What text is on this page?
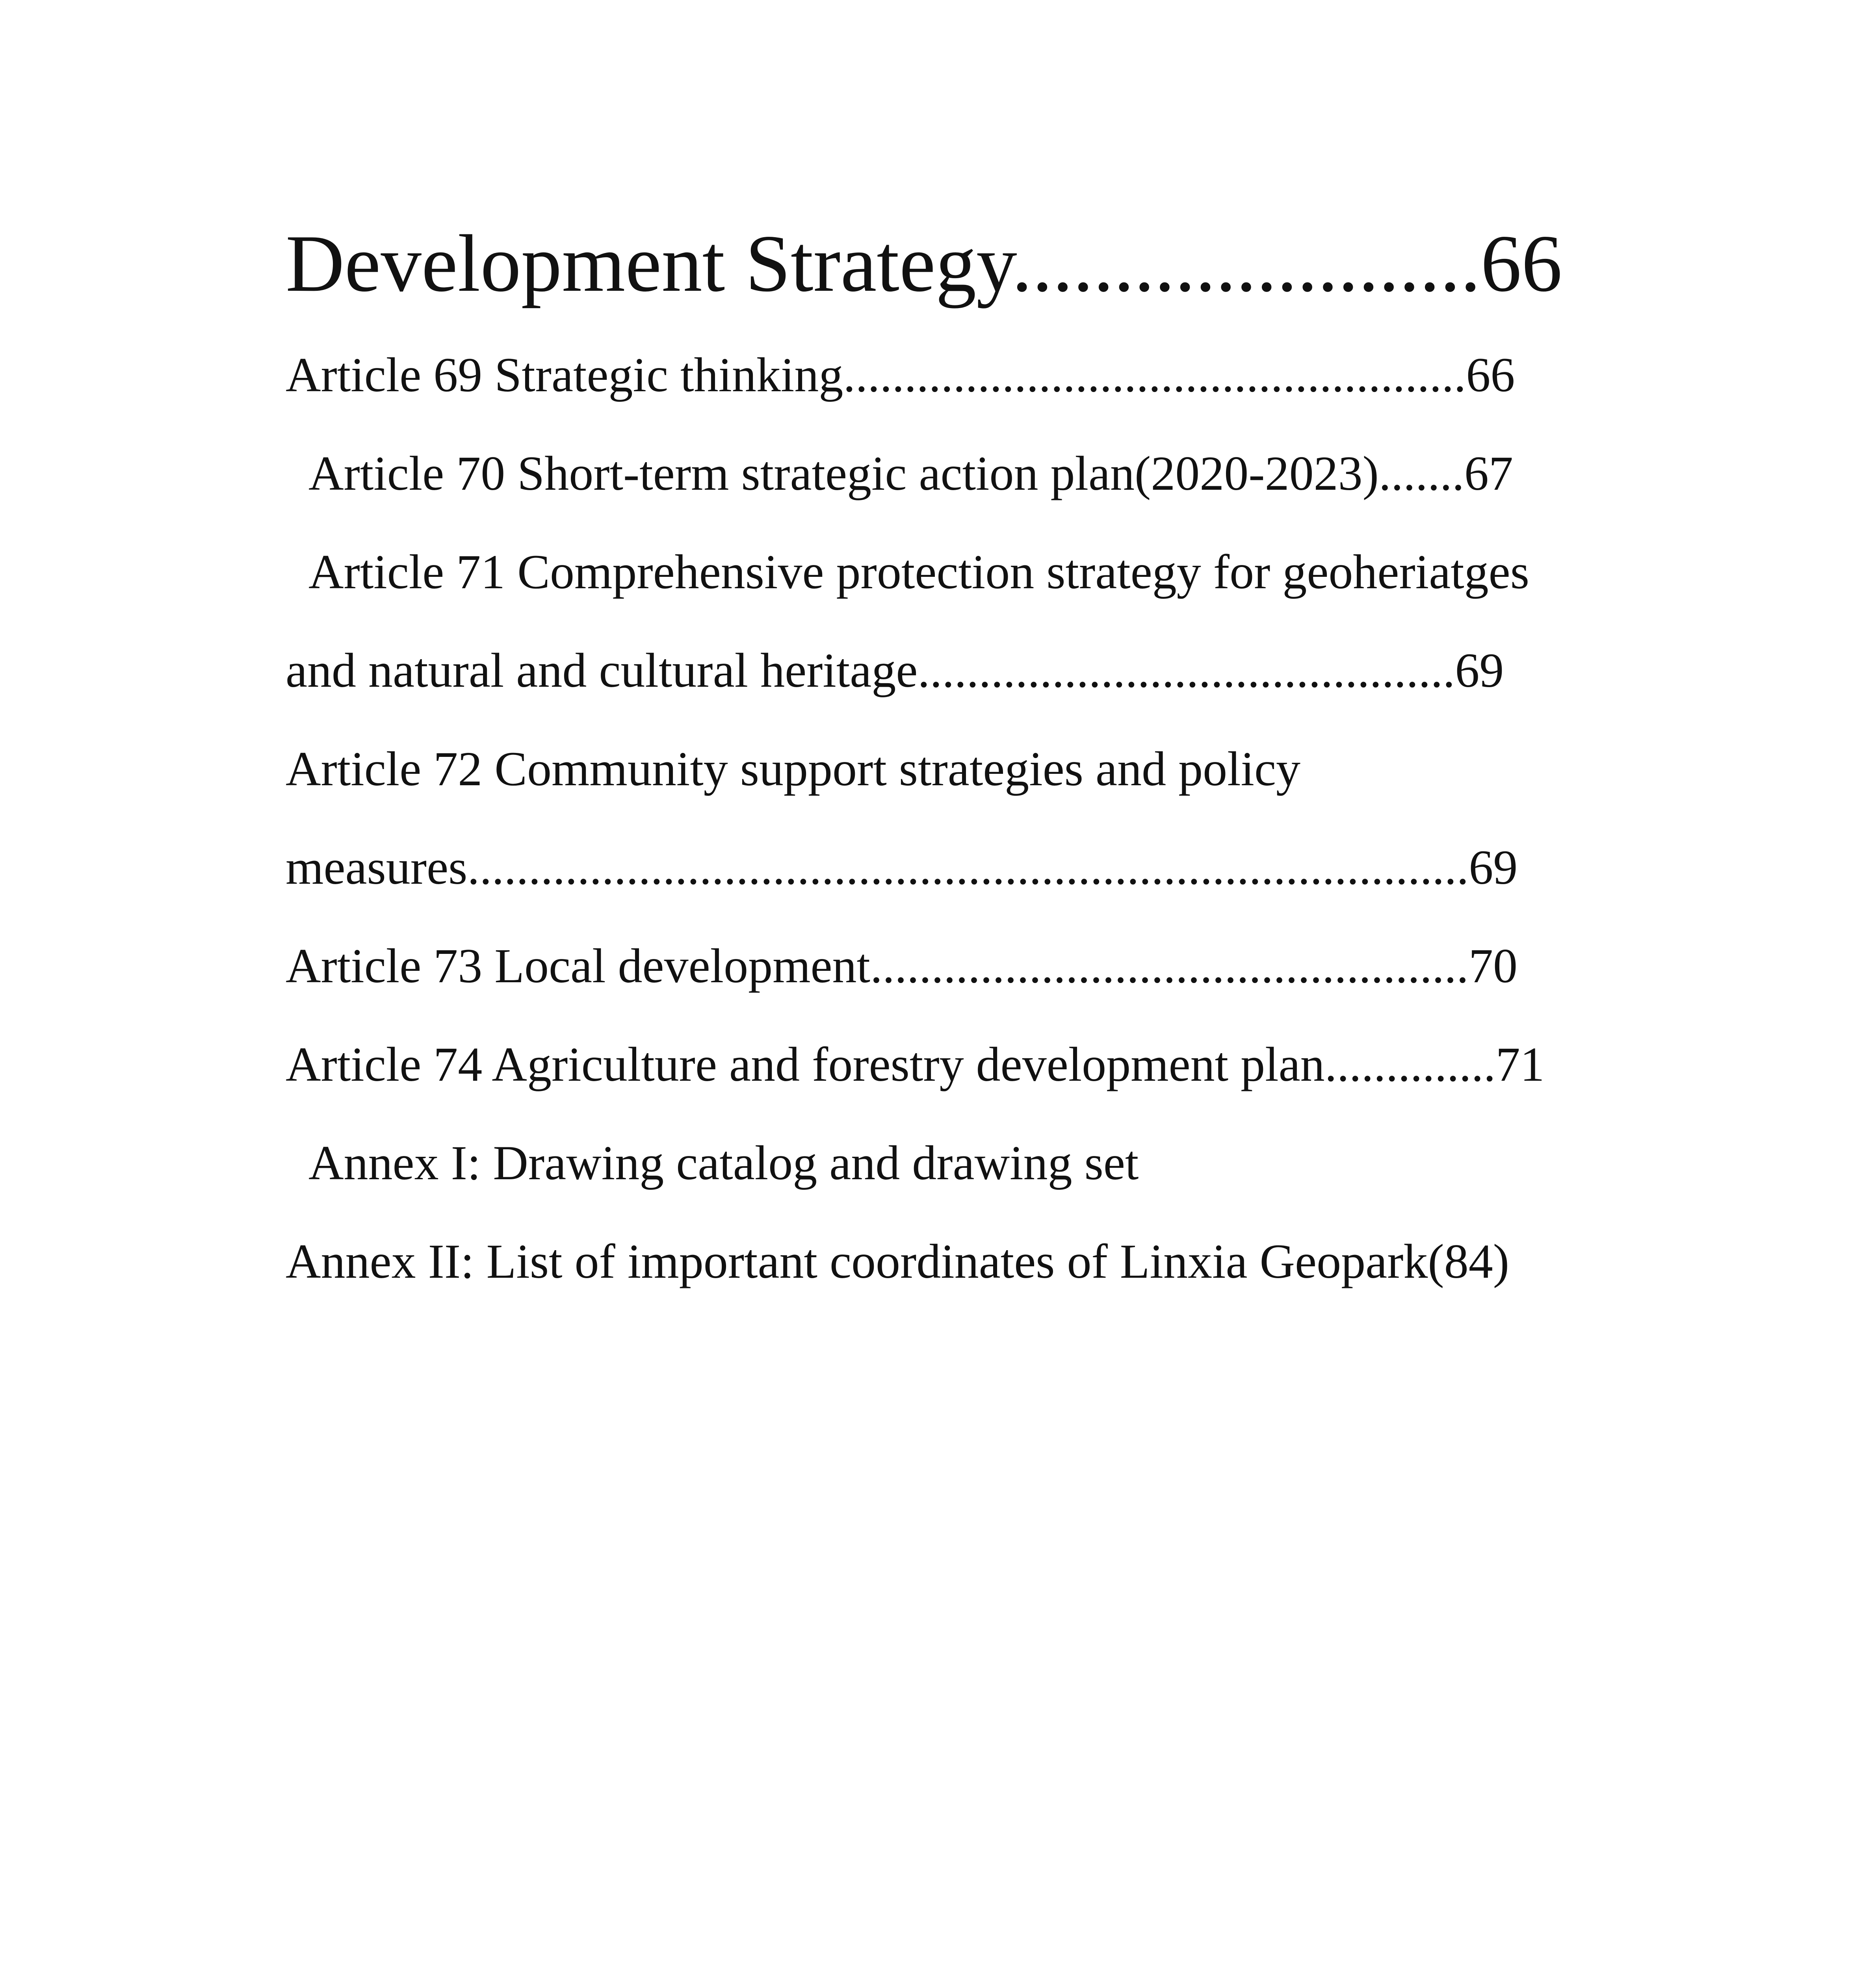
Development Strategy.......................66
Article 69 Strategic thinking...................................................66
Article 70 Short-term strategic action plan(2020-2023).......67
Article 71 Comprehensive protection strategy for geoheriatges
and natural and cultural heritage............................................69
Article 72 Community support strategies and policy
measures..................................................................................69
Article 73 Local development.................................................70
Article 74 Agriculture and forestry development plan..............71
Annex I: Drawing catalog and drawing set
Annex II: List of important coordinates of Linxia Geopark(84)
